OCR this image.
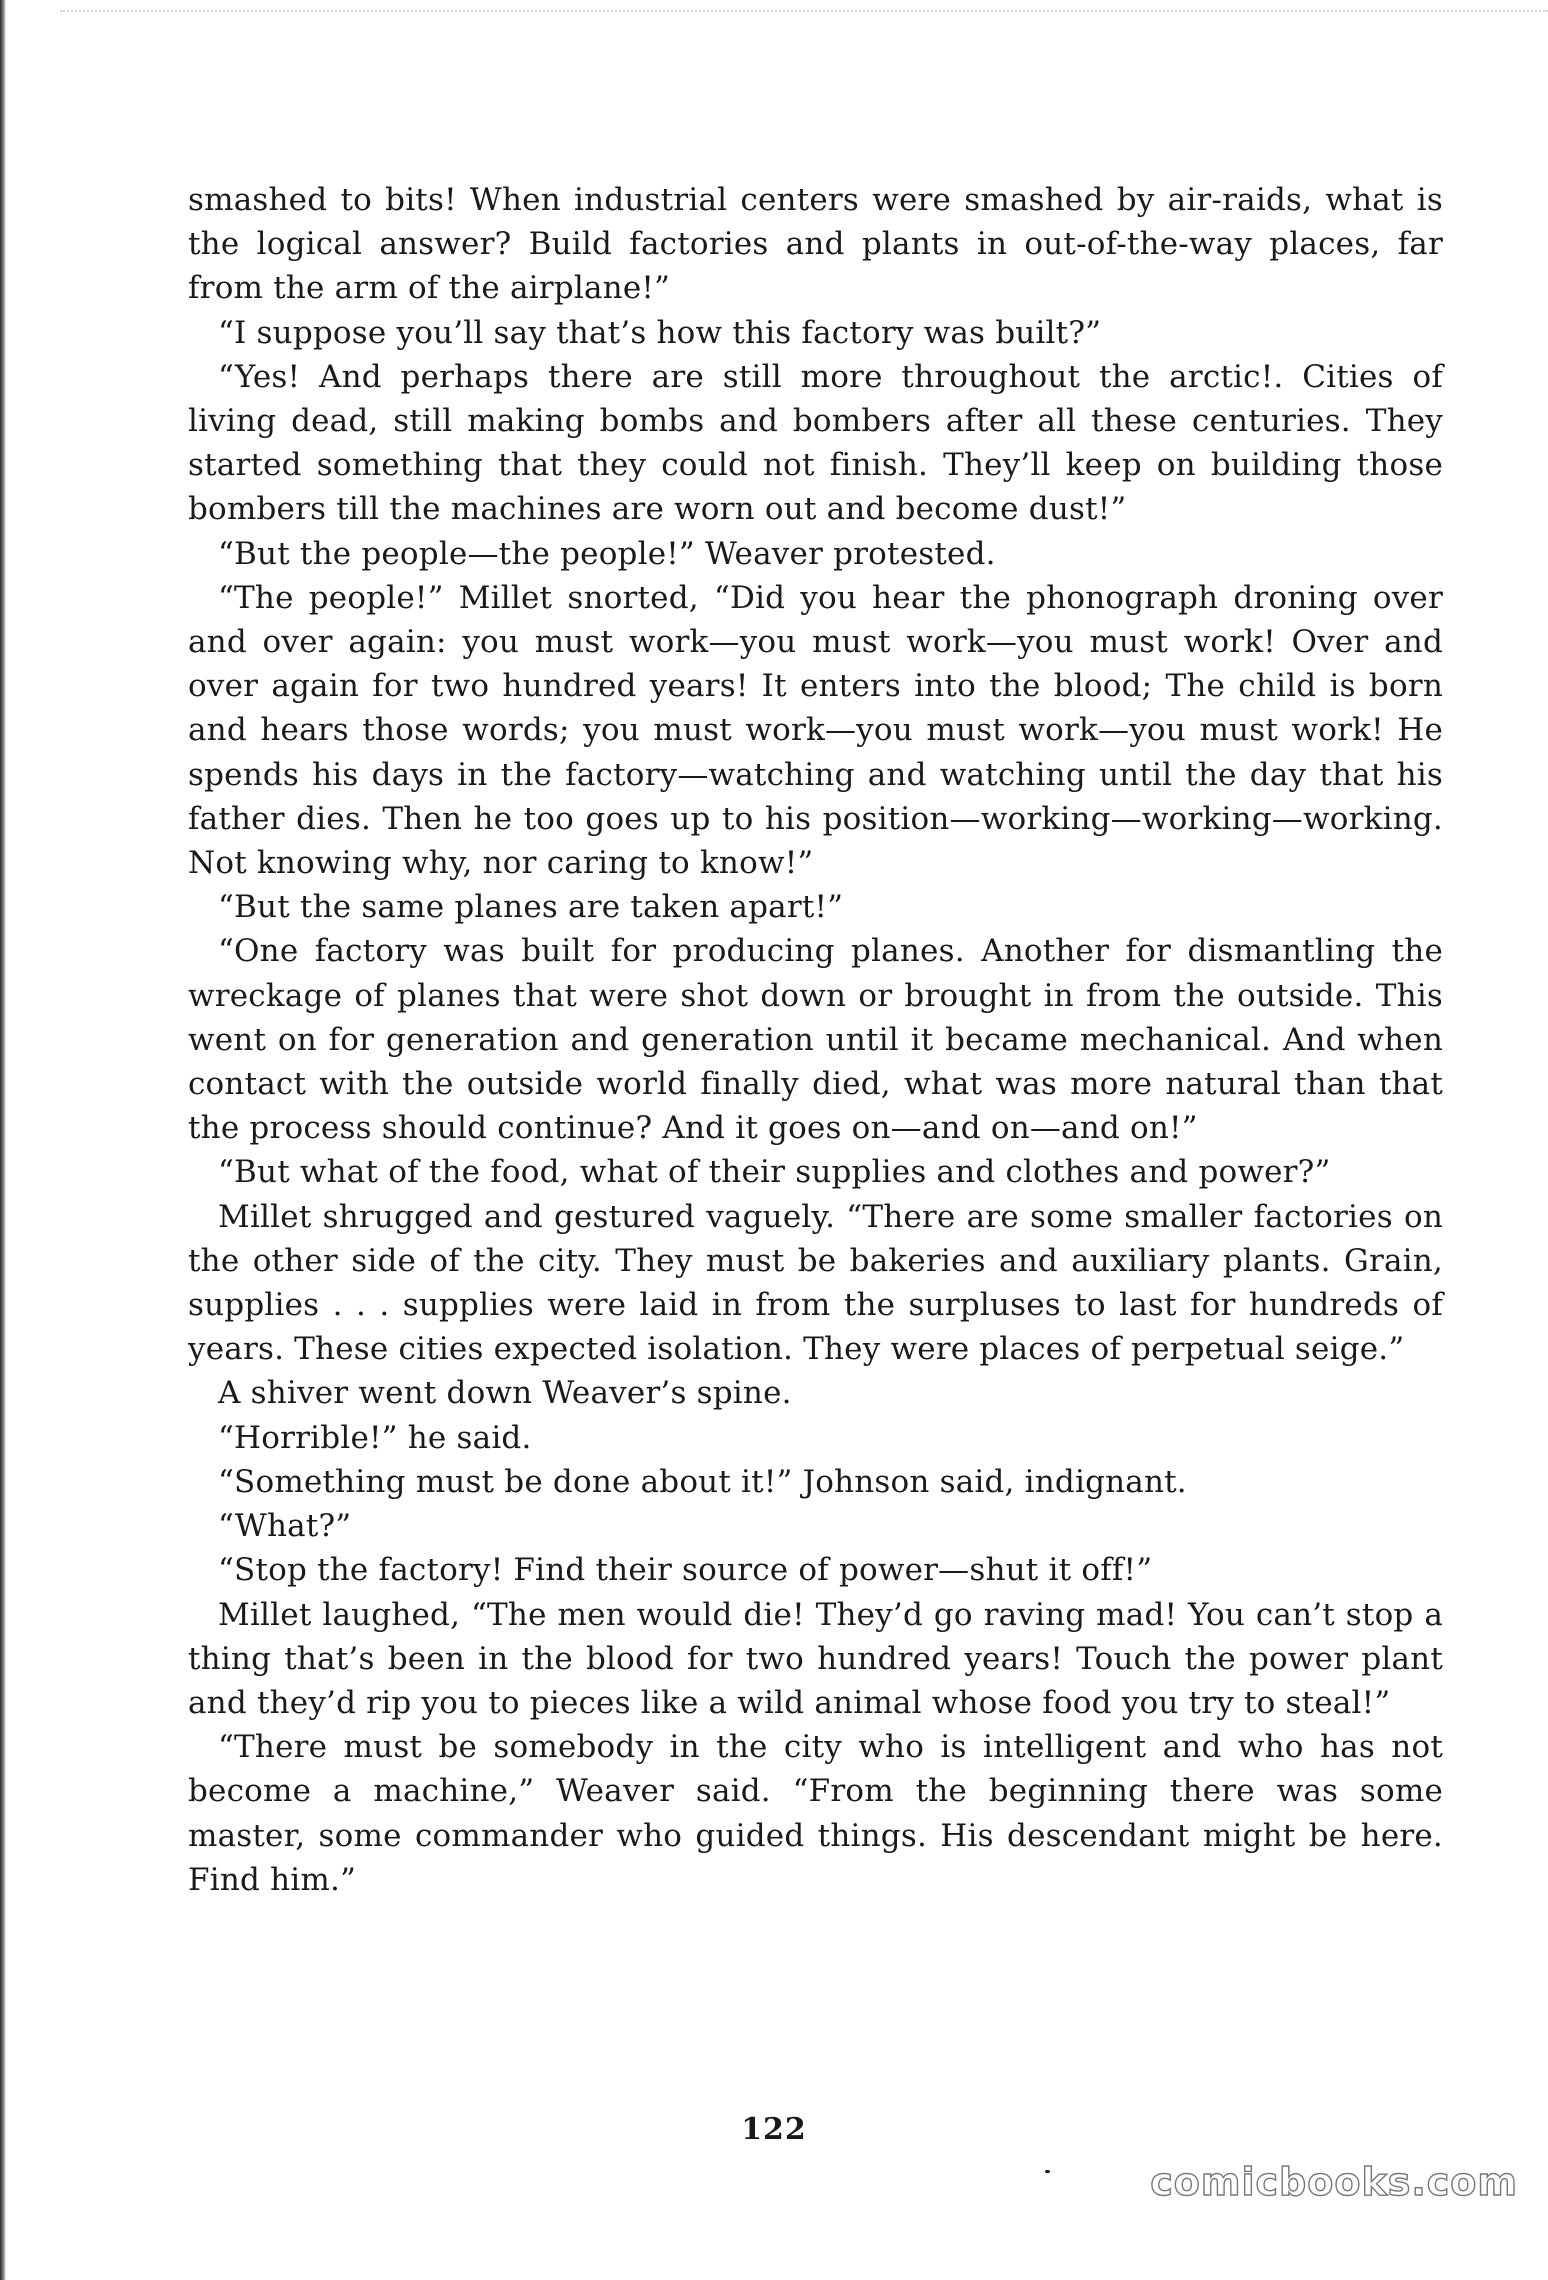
smashed to bits! When industrial centers were smashed by air-raids, what is the logical answer? Build factories and plants in out-of-the-way places, far from the arm of the airplane!”

“I suppose you’ll say that’s how this factory was built?”

“Yes! And perhaps there are still more throughout the arctic!. Cities of living dead, still making bombs and bombers after all these centuries. They started something that they could not finish. They’ll keep on building those bombers till the machines are worn out and become dust!”

“But the people—the people!” Weaver protested.

“The people!” Millet snorted, “Did you hear the phonograph droning over and over again: you must work—you must work—you must work! Over and over again for two hundred years! It enters into the blood; The child is born and hears those words; you must work—you must work—you must work! He spends his days in the factory—watching and watching until the day that his father dies. Then he too goes up to his position—working—working—working. Not knowing why, nor caring to know!”

“But the same planes are taken apart!”

“One factory was built for producing planes. Another for dismantling the wreckage of planes that were shot down or brought in from the outside. This went on for generation and generation until it became mechanical. And when contact with the outside world finally died, what was more natural than that the process should continue? And it goes on—and on—and on!”

“But what of the food, what of their supplies and clothes and power?”

Millet shrugged and gestured vaguely. “There are some smaller factories on the other side of the city. They must be bakeries and auxiliary plants. Grain, supplies . . . supplies were laid in from the surpluses to last for hundreds of years. These cities expected isolation. They were places of perpetual seige.”

A shiver went down Weaver’s spine.

“Horrible!” he said.

“Something must be done about it!” Johnson said, indignant.

“What?”

“Stop the factory! Find their source of power—shut it off!”

Millet laughed, “The men would die! They’d go raving mad! You can’t stop a thing that’s been in the blood for two hundred years! Touch the power plant and they’d rip you to pieces like a wild animal whose food you try to steal!”

“There must be somebody in the city who is intelligent and who has not become a machine,” Weaver said. “From the beginning there was some master, some commander who guided things. His descendant might be here. Find him.”

122
comicbooks.com
